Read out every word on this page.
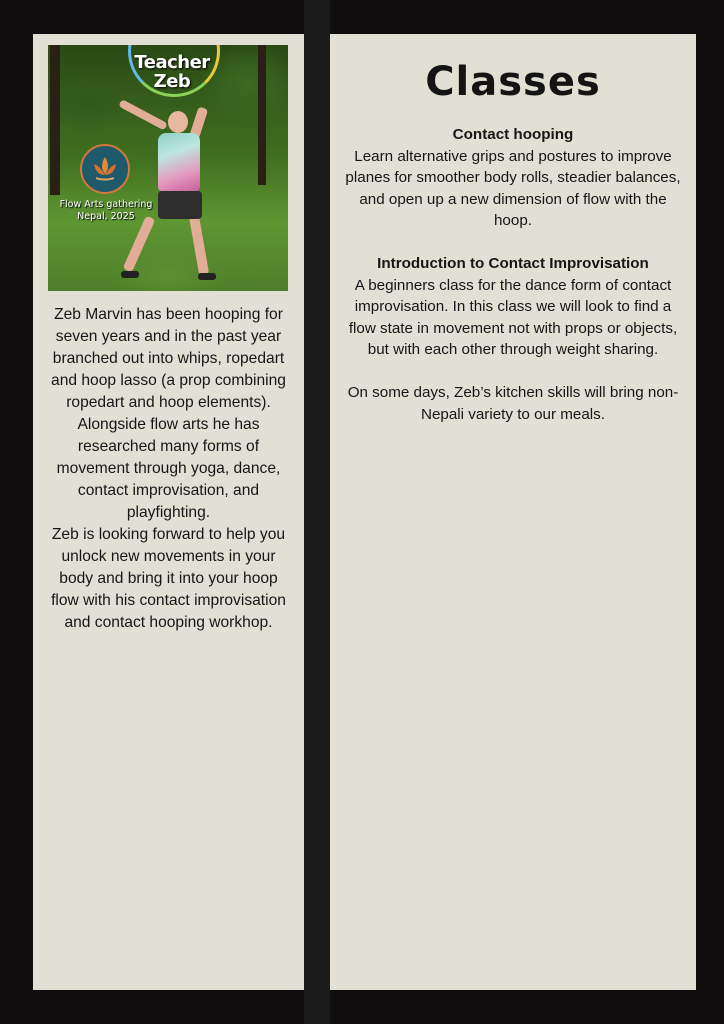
Teacher
Zeb
Flow Arts gathering
Nepal, 2025
Zeb Marvin has been hooping for seven years and in the past year branched out into whips, ropedart and hoop lasso (a prop combining ropedart and hoop elements). Alongside flow arts he has researched many forms of movement through yoga, dance, contact improvisation, and playfighting.
Zeb is looking forward to help you unlock new movements in your body and bring it into your hoop flow with his contact improvisation and contact hooping workhop.
Classes
Contact hooping
Learn alternative grips and postures to improve planes for smoother body rolls, steadier balances, and open up a new dimension of flow with the hoop.
Introduction to Contact Improvisation
A beginners class for the dance form of contact improvisation. In this class we will look to find a flow state in movement not with props or objects, but with each other through weight sharing.
On some days, Zeb’s kitchen skills will bring non-Nepali variety to our meals.
